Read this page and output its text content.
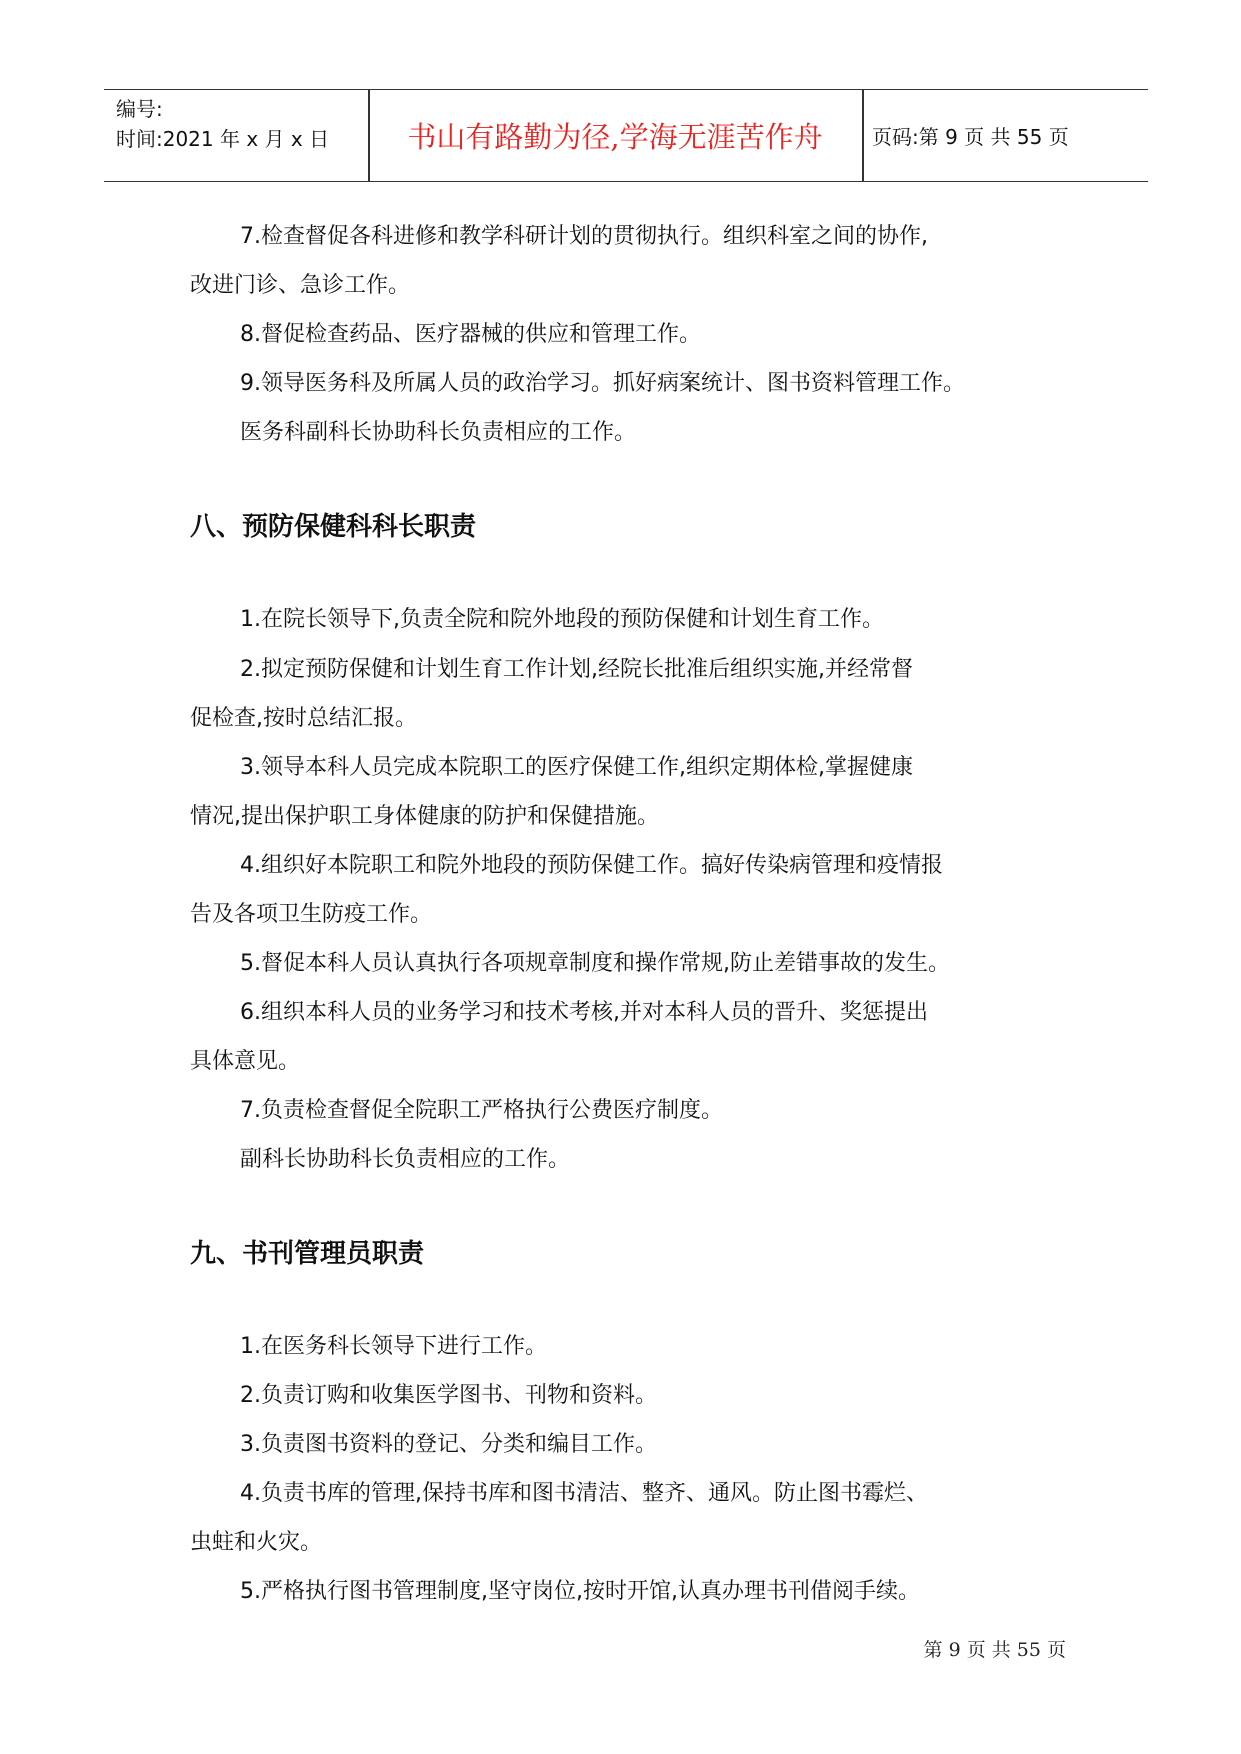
编号:
时间:2021 年 x 月 x 日	书山有路勤为径,学海无涯苦作舟	页码:第 9 页 共 55 页
7.检查督促各科进修和教学科研计划的贯彻执行。组织科室之间的协作,
改进门诊、急诊工作。
8.督促检查药品、医疗器械的供应和管理工作。
9.领导医务科及所属人员的政治学习。抓好病案统计、图书资料管理工作。
医务科副科长协助科长负责相应的工作。
八、预防保健科科长职责
1.在院长领导下,负责全院和院外地段的预防保健和计划生育工作。
2.拟定预防保健和计划生育工作计划,经院长批准后组织实施,并经常督
促检查,按时总结汇报。
3.领导本科人员完成本院职工的医疗保健工作,组织定期体检,掌握健康
情况,提出保护职工身体健康的防护和保健措施。
4.组织好本院职工和院外地段的预防保健工作。搞好传染病管理和疫情报
告及各项卫生防疫工作。
5.督促本科人员认真执行各项规章制度和操作常规,防止差错事故的发生。
6.组织本科人员的业务学习和技术考核,并对本科人员的晋升、奖惩提出
具体意见。
7.负责检查督促全院职工严格执行公费医疗制度。
副科长协助科长负责相应的工作。
九、书刊管理员职责
1.在医务科长领导下进行工作。
2.负责订购和收集医学图书、刊物和资料。
3.负责图书资料的登记、分类和编目工作。
4.负责书库的管理,保持书库和图书清洁、整齐、通风。防止图书霉烂、
虫蛀和火灾。
5.严格执行图书管理制度,坚守岗位,按时开馆,认真办理书刊借阅手续。
第 9 页 共 55 页
